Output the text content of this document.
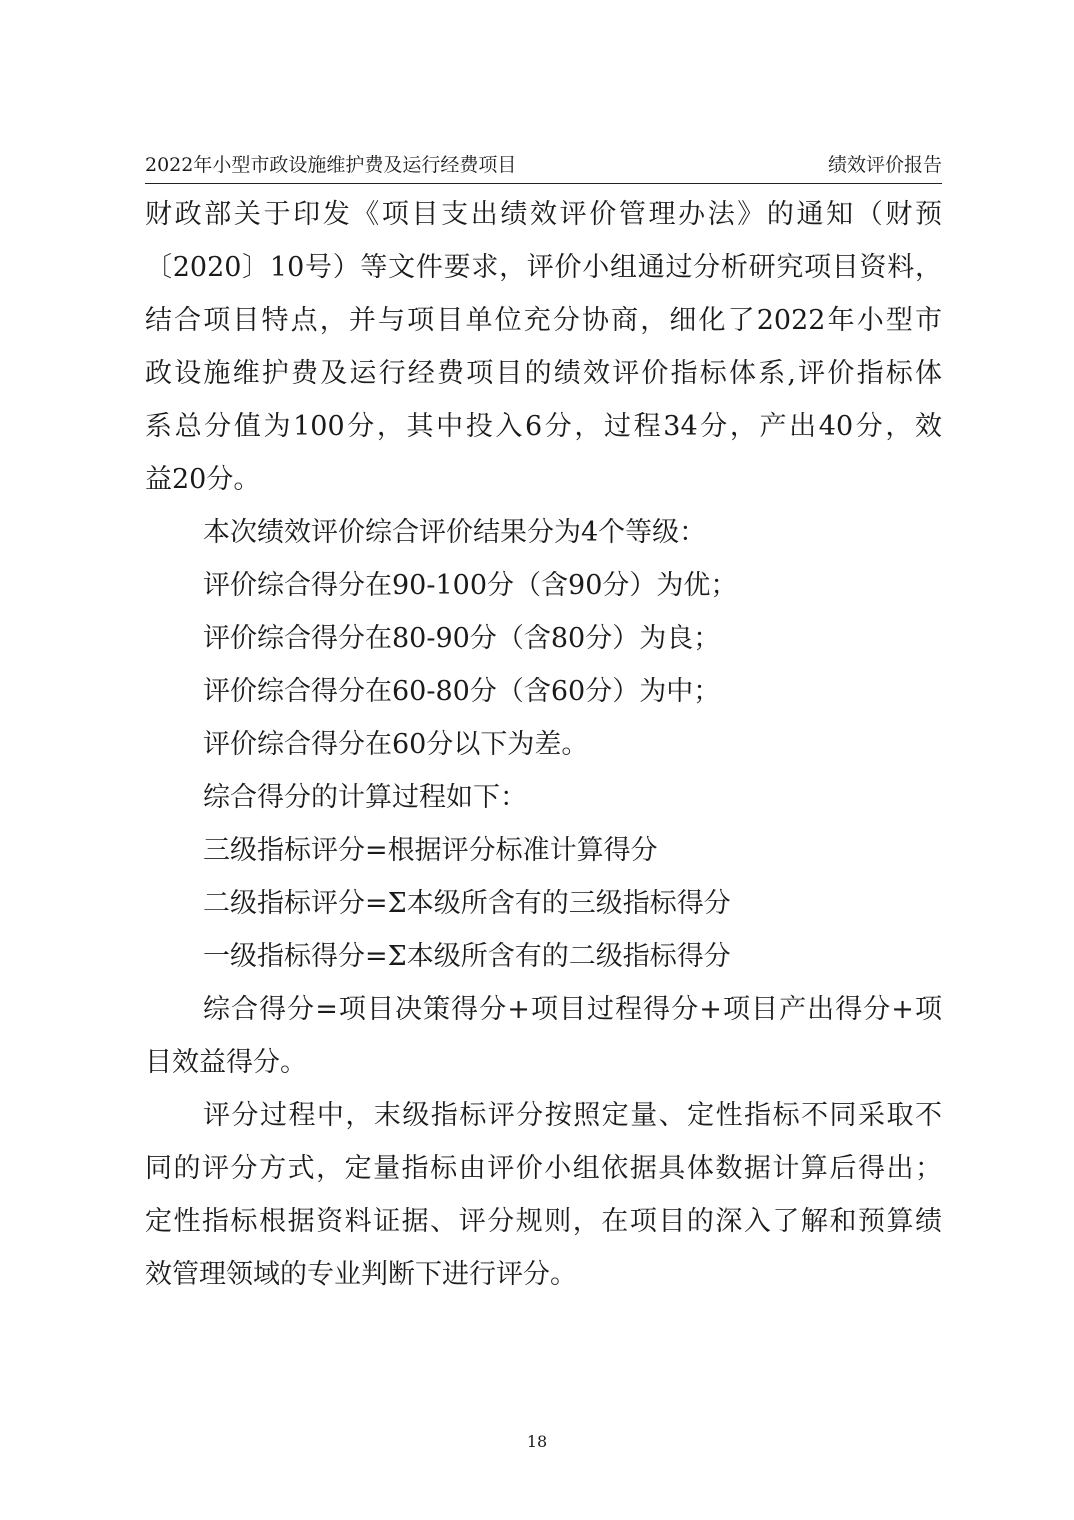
2022年小型市政设施维护费及运行经费项目	绩效评价报告
财政部关于印发《项目支出绩效评价管理办法》的通知（财预
〔2020〕10号）等文件要求，评价小组通过分析研究项目资料，
结合项目特点，并与项目单位充分协商，细化了2022年小型市
政设施维护费及运行经费项目的绩效评价指标体系,评价指标体
系总分值为100分，其中投入6分，过程34分，产出40分，效
益20分。
本次绩效评价综合评价结果分为4个等级：
评价综合得分在90-100分（含90分）为优；
评价综合得分在80-90分（含80分）为良；
评价综合得分在60-80分（含60分）为中；
评价综合得分在60分以下为差。
综合得分的计算过程如下：
三级指标评分=根据评分标准计算得分
二级指标评分=Σ本级所含有的三级指标得分
一级指标得分=Σ本级所含有的二级指标得分
综合得分=项目决策得分+项目过程得分+项目产出得分+项
目效益得分。
评分过程中，末级指标评分按照定量、定性指标不同采取不
同的评分方式，定量指标由评价小组依据具体数据计算后得出；
定性指标根据资料证据、评分规则，在项目的深入了解和预算绩
效管理领域的专业判断下进行评分。
18
